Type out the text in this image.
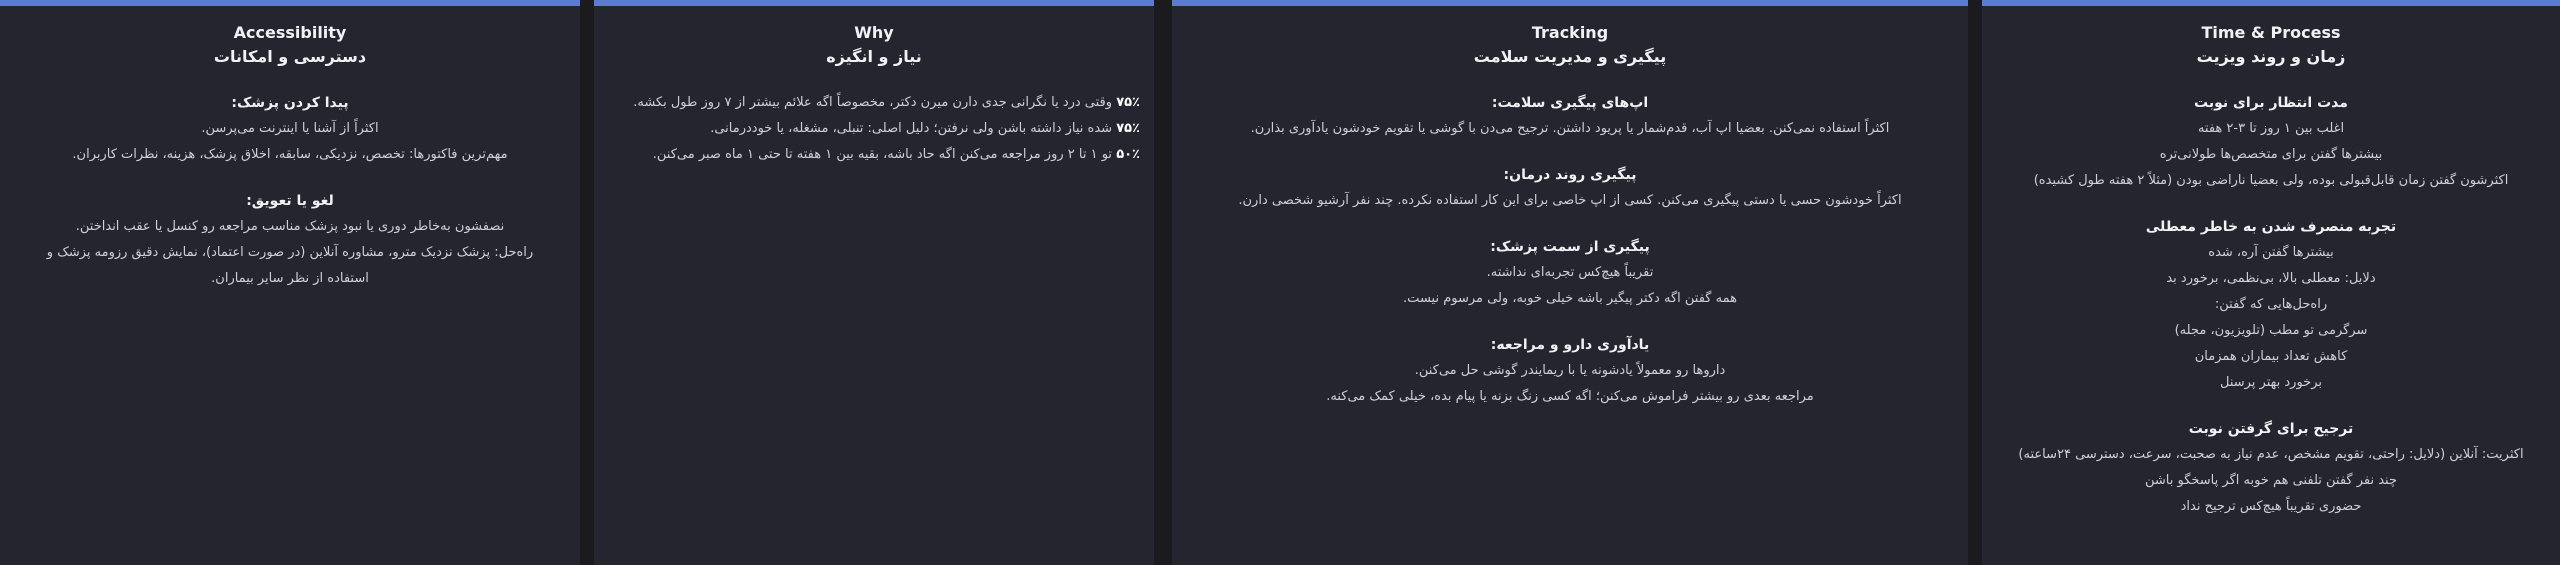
Accessibility
دسترسی و امکانات
پیدا کردن پزشک:
اکثراً از آشنا یا اینترنت می‌پرسن.
مهم‌ترین فاکتورها: تخصص، نزدیکی، سابقه، اخلاق پزشک، هزینه، نظرات کاربران.
لغو یا تعویق:
نصفشون به‌خاطر دوری یا نبود پزشک مناسب مراجعه رو کنسل یا عقب انداختن.
راه‌حل: پزشک نزدیک مترو، مشاوره آنلاین (در صورت اعتماد)، نمایش دقیق رزومه پزشک و
استفاده از نظر سایر بیماران.
Why
نیاز و انگیزه
۷۵٪ وقتی درد یا نگرانی جدی دارن میرن دکتر، مخصوصاً اگه علائم بیشتر از ۷ روز طول بکشه.
۷۵٪ شده نیاز داشته باشن ولی نرفتن؛ دلیل اصلی: تنبلی، مشغله، یا خوددرمانی.
۵۰٪ تو ۱ تا ۲ روز مراجعه می‌کنن اگه حاد باشه، بقیه بین ۱ هفته تا حتی ۱ ماه صبر می‌کنن.
Tracking
پیگیری و مدیریت سلامت
اپ‌های پیگیری سلامت:
اکثراً استفاده نمی‌کنن. بعضیا اپ آب، قدم‌شمار یا پریود داشتن. ترجیح می‌دن با گوشی یا تقویم خودشون یادآوری بذارن.
پیگیری روند درمان:
اکثراً خودشون حسی یا دستی پیگیری می‌کنن. کسی از اپ خاصی برای این کار استفاده نکرده. چند نفر آرشیو شخصی دارن.
پیگیری از سمت پزشک:
تقریباً هیچ‌کس تجربه‌ای نداشته.
همه گفتن اگه دکتر پیگیر باشه خیلی خوبه، ولی مرسوم نیست.
یادآوری دارو و مراجعه:
داروها رو معمولاً یادشونه یا با ریمایندر گوشی حل می‌کنن.
مراجعه بعدی رو بیشتر فراموش می‌کنن؛ اگه کسی زنگ بزنه یا پیام بده، خیلی کمک می‌کنه.
Time & Process
زمان و روند ویزیت
مدت انتظار برای نوبت
اغلب بین ۱ روز تا ۳-۲ هفته
بیشترها گفتن برای متخصص‌ها طولانی‌تره
اکثرشون گفتن زمان قابل‌قبولی بوده، ولی بعضیا ناراضی بودن (مثلاً ۲ هفته طول کشیده)
تجربه منصرف شدن به خاطر معطلی
بیشترها گفتن آره، شده
دلایل: معطلی بالا، بی‌نظمی، برخورد بد
راه‌حل‌هایی که گفتن:
سرگرمی تو مطب (تلویزیون، مجله)
کاهش تعداد بیماران همزمان
برخورد بهتر پرسنل
ترجیح برای گرفتن نوبت
اکثریت: آنلاین (دلایل: راحتی، تقویم مشخص، عدم نیاز به صحبت، سرعت، دسترسی ۲۴ساعته)
چند نفر گفتن تلفنی هم خوبه اگر پاسخگو باشن
حضوری تقریباً هیچ‌کس ترجیح نداد
